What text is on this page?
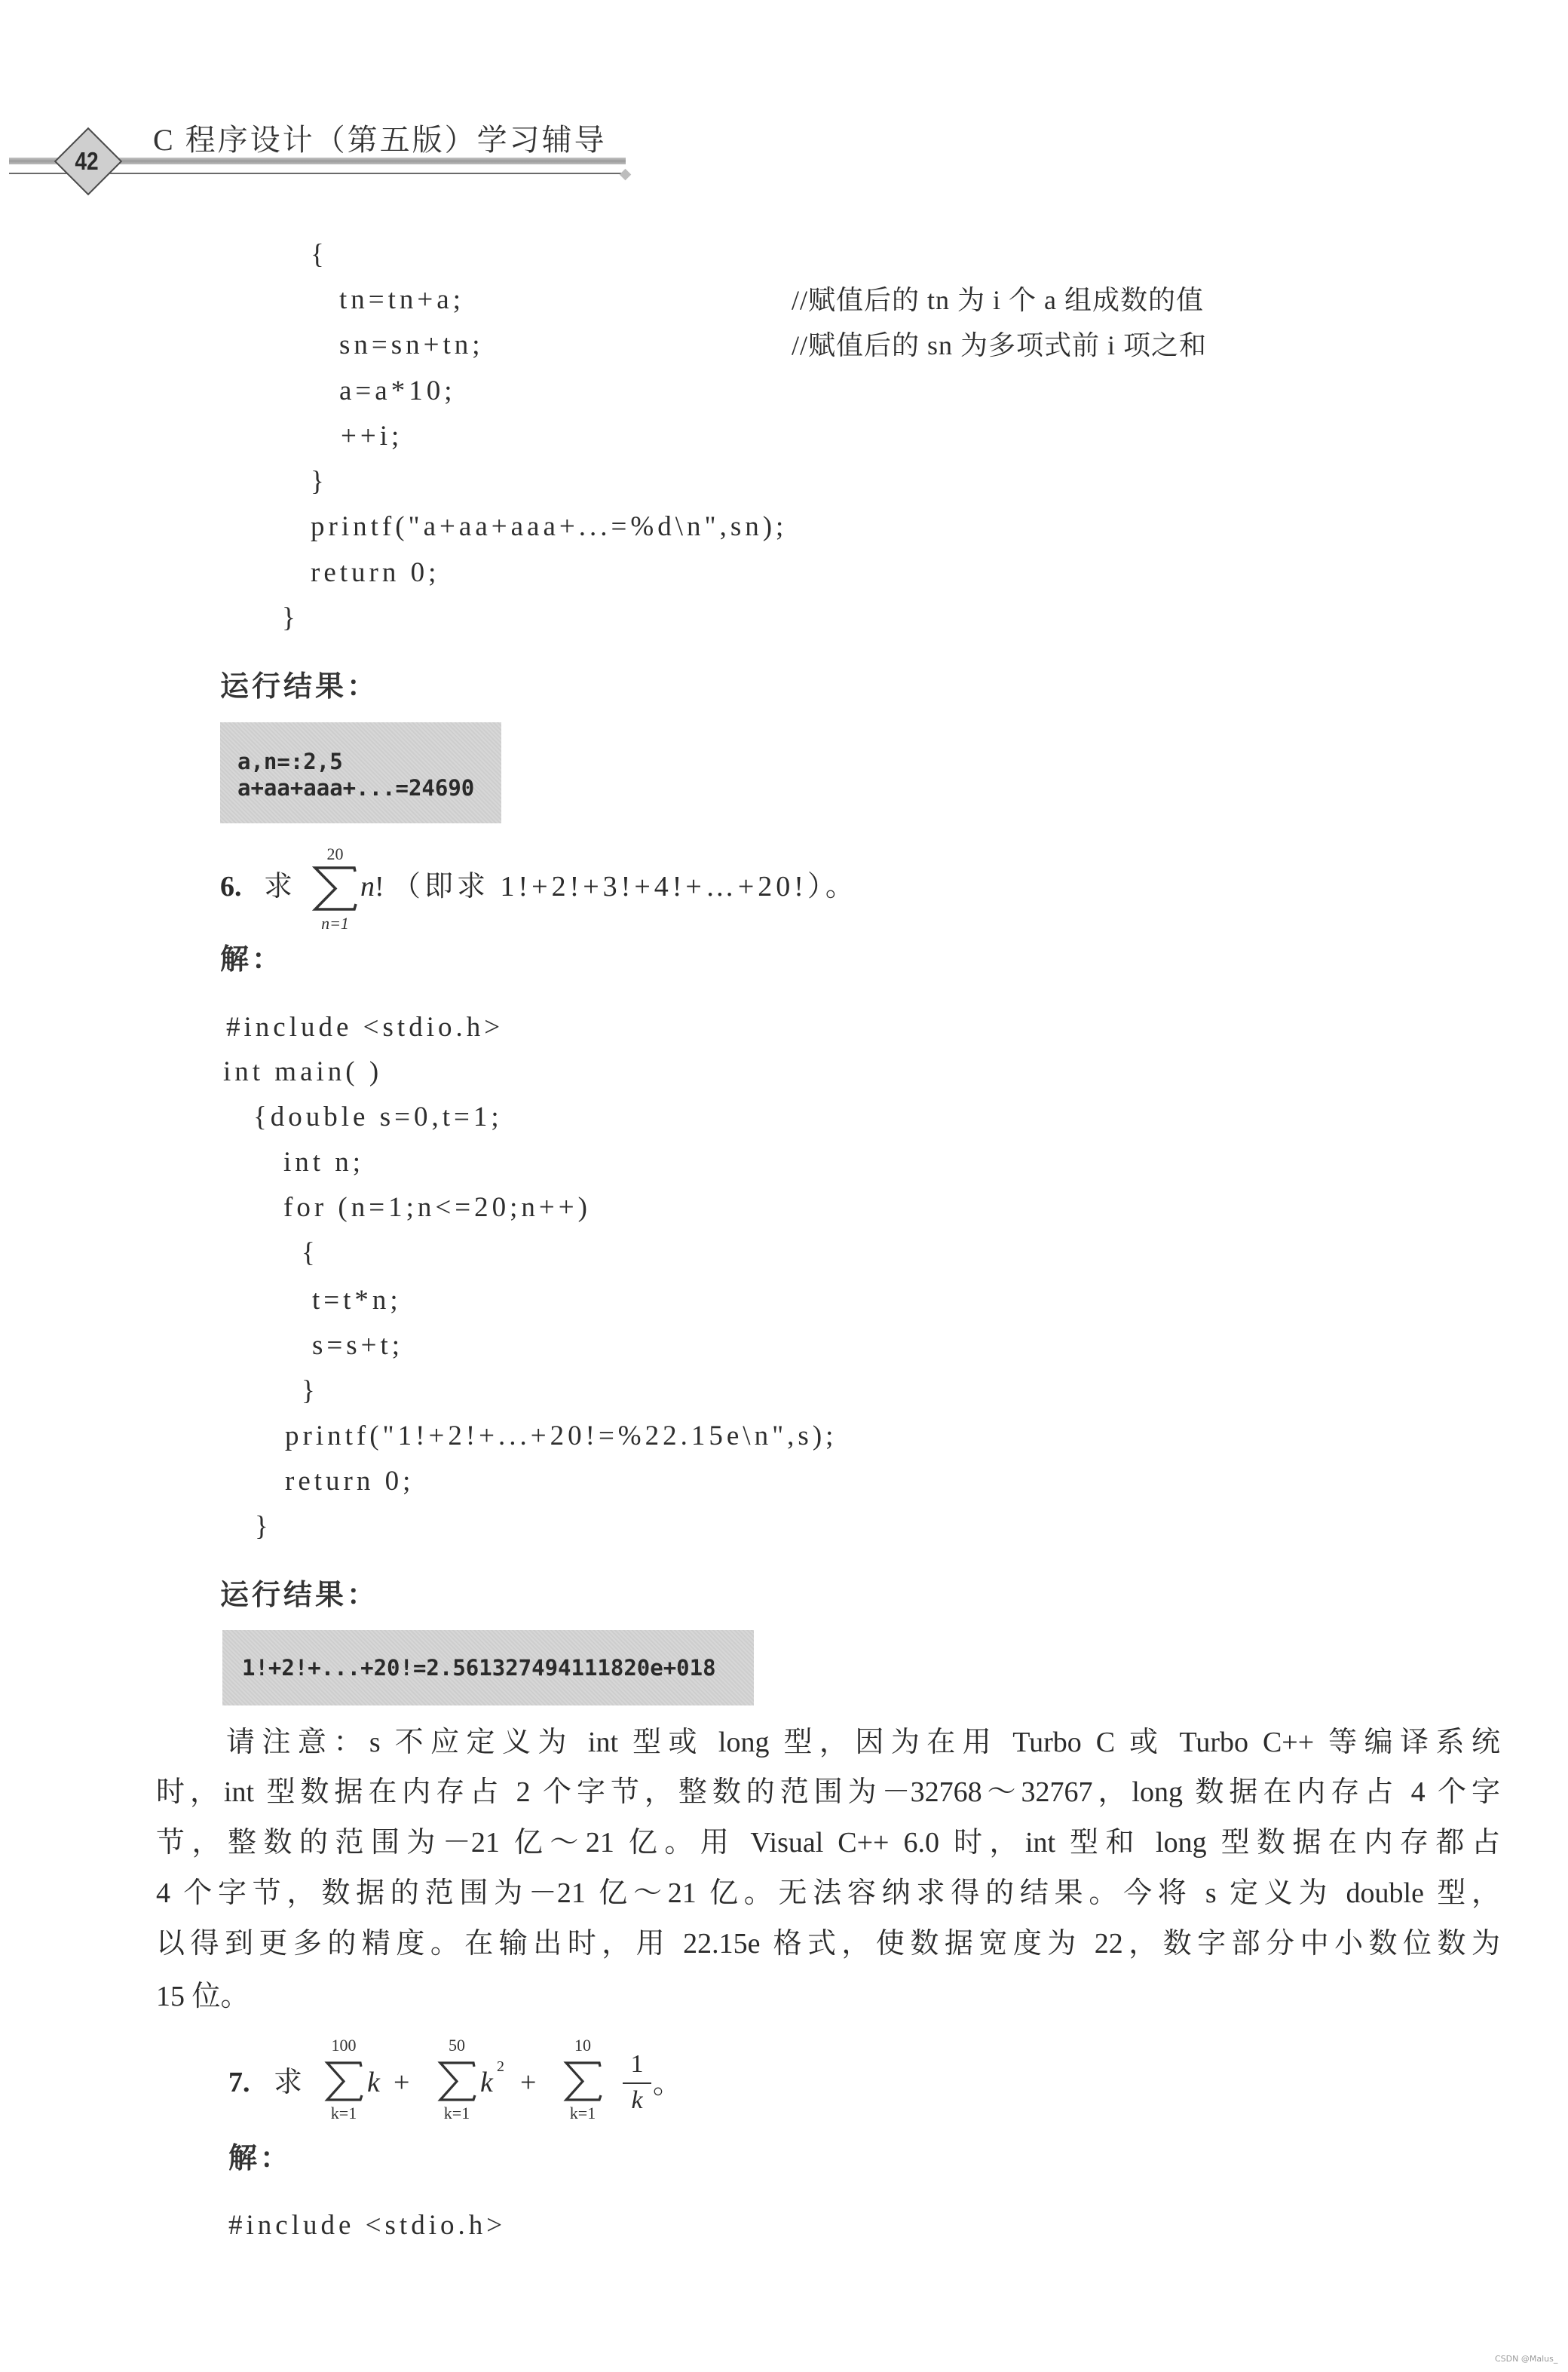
42
C 程序设计（第五版）学习辅导
{
tn=tn+a;	//赋值后的 tn 为 i 个 a 组成数的值
sn=sn+tn;	//赋值后的 sn 为多项式前 i 项之和
a=a*10;
++i;
}
printf("a+aa+aaa+...=%d\n",sn);
return 0;
}
运行结果：
a,n=:2,5
a+aa+aaa+...=24690
6. 求
20
n=1
n! （即求 1!+2!+3!+4!+…+20!）。
解：
#include <stdio.h>
int main( )
{double s=0,t=1;
int n;
for (n=1;n<=20;n++)
{
t=t*n;
s=s+t;
}
printf("1!+2!+...+20!=%22.15e\n",s);
return 0;
}
运行结果：
1!+2!+...+20!=2.561327494111820e+018
请注意：s 不应定义为 int 型或 long 型，因为在用 Turbo C 或 Turbo C++ 等编译系统
时，int 型数据在内存占 2 个字节，整数的范围为－32768～32767，long 数据在内存占 4 个字
节，整数的范围为－21 亿～21 亿。用 Visual C++ 6.0 时，int 型和 long 型数据在内存都占
4 个字节，数据的范围为－21 亿～21 亿。无法容纳求得的结果。今将 s 定义为 double 型，
以得到更多的精度。在输出时，用 22.15e 格式，使数据宽度为 22，数字部分中小数位数为
15 位。
7. 求
100
k=1
k +
50
k=1
k 2 +
10
k=1
1
k
。
解：
#include <stdio.h>
CSDN @Malus_
